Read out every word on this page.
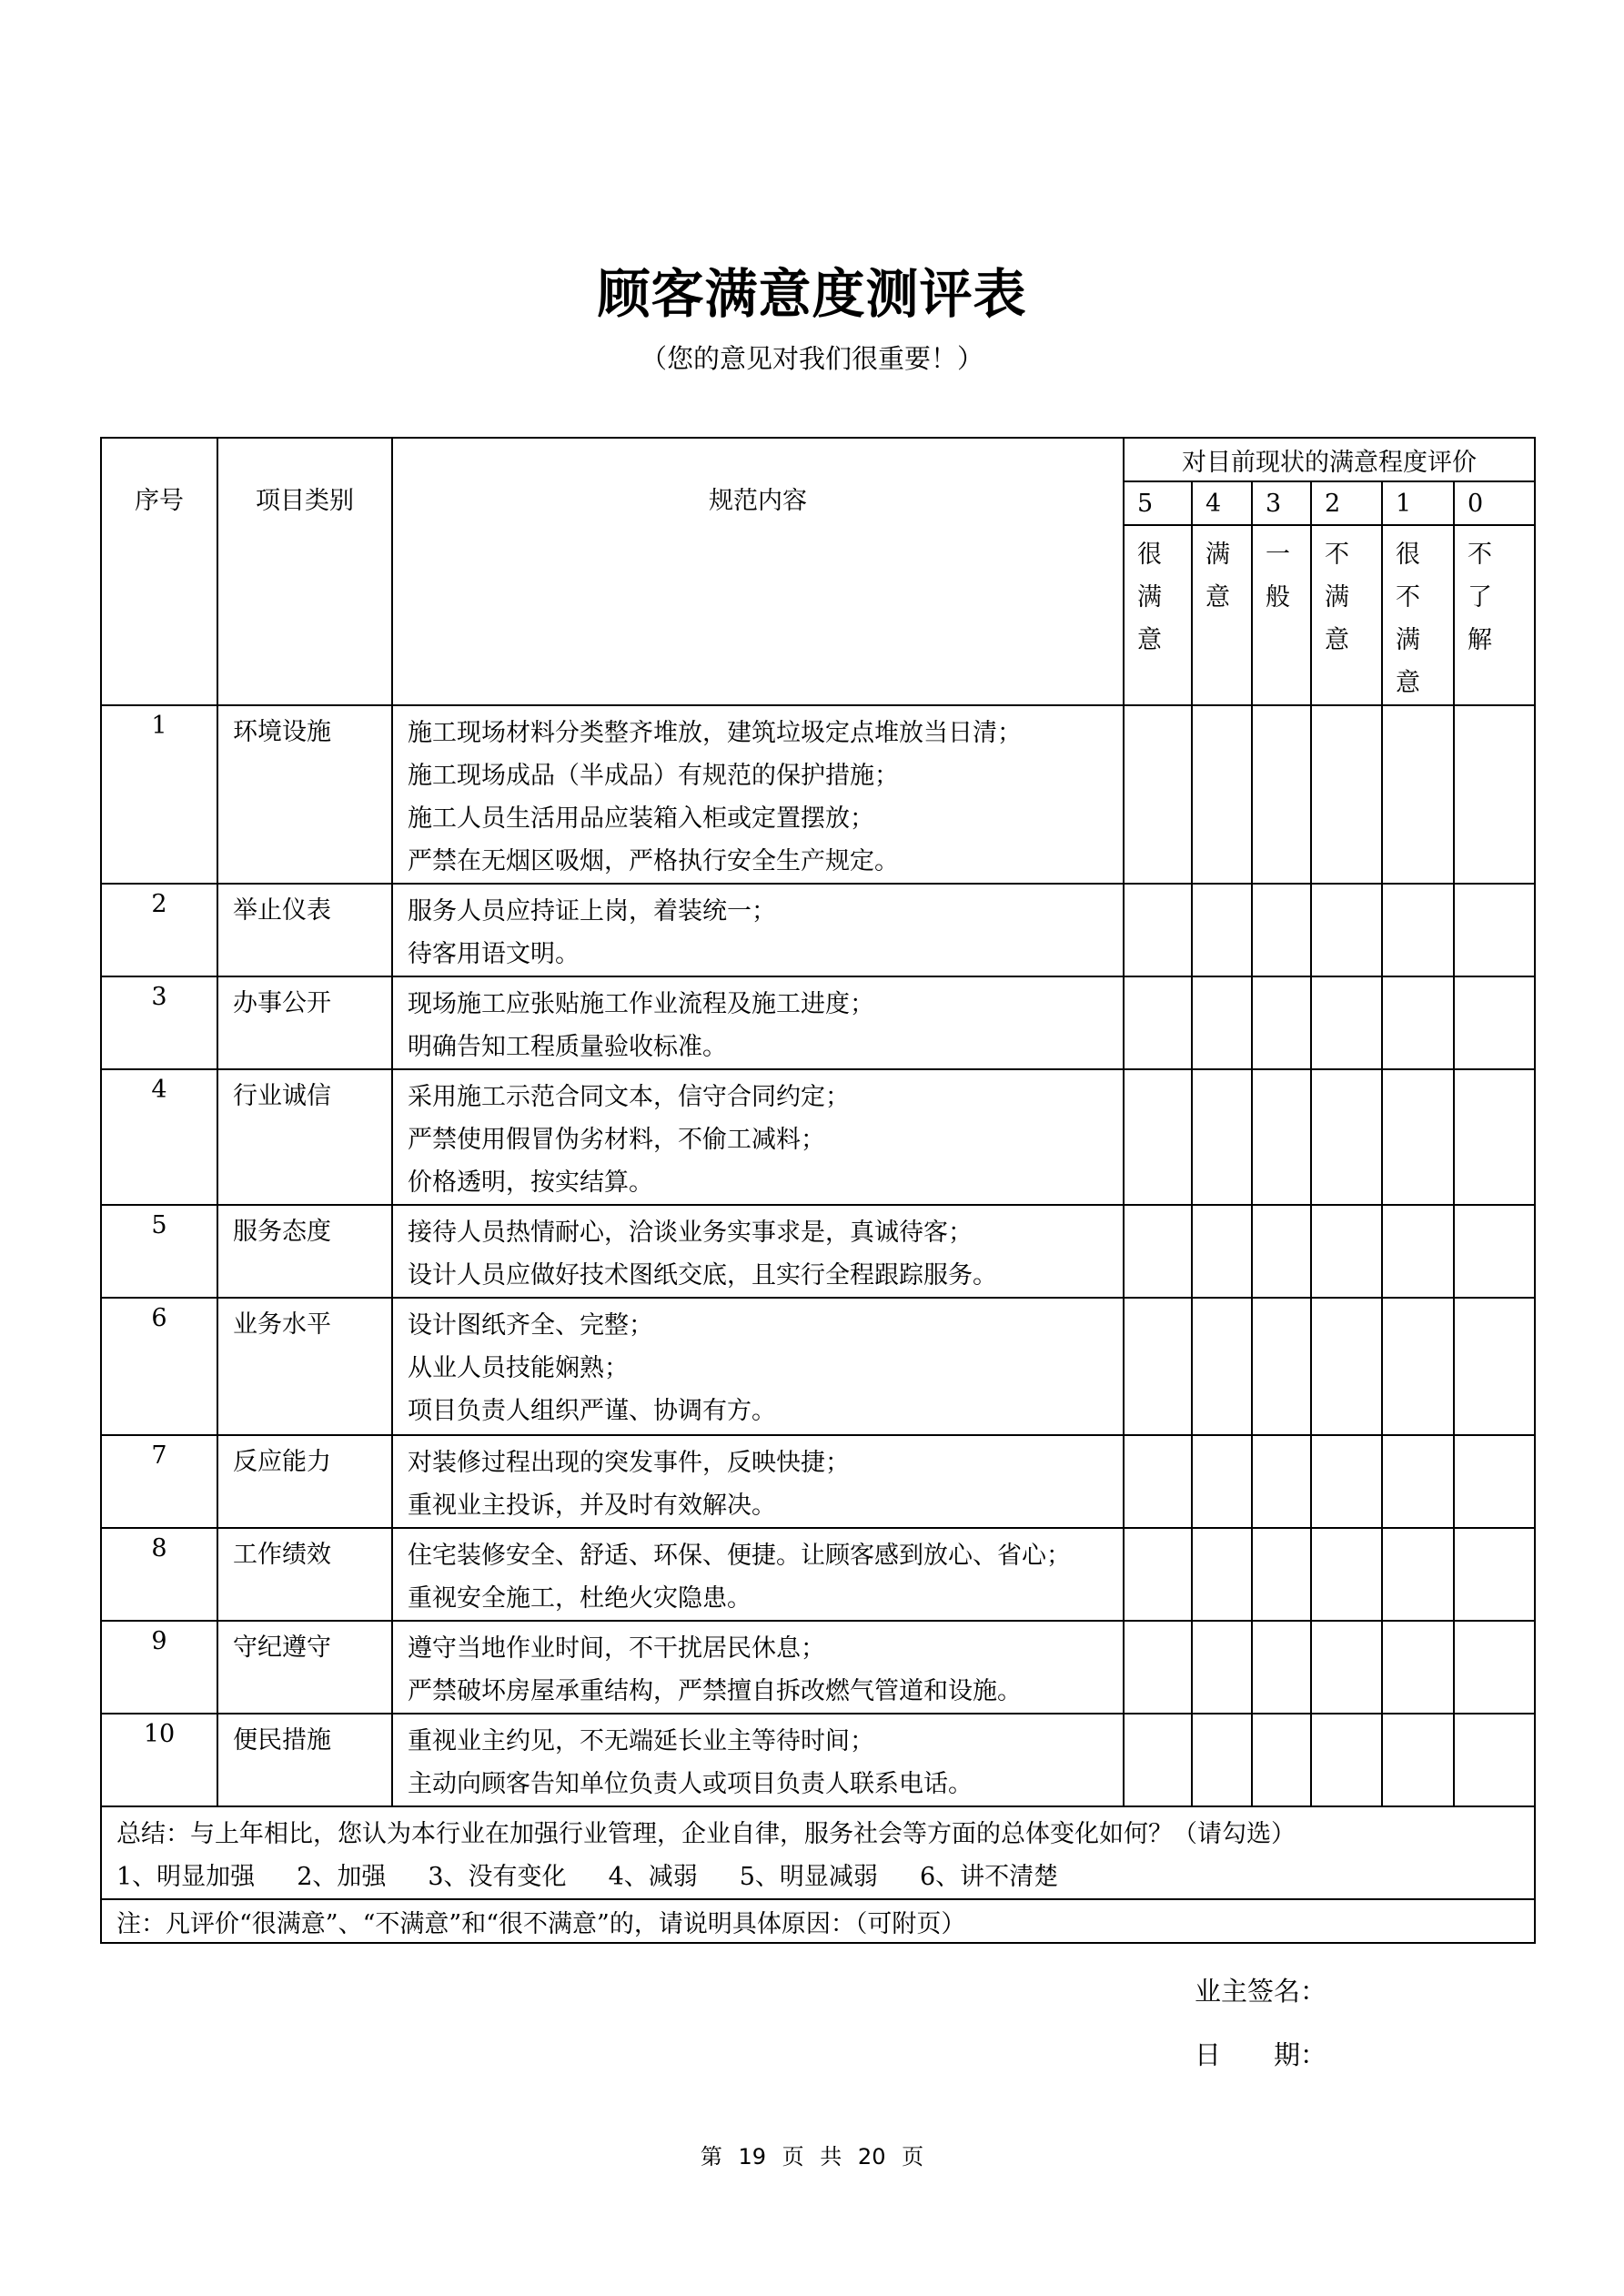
顾客满意度测评表
（您的意见对我们很重要！）
序号	项目类别	规范内容	对目前现状的满意程度评价					
			5	4	3	2	1	0

			很满意	满意	一般	不满意	很不满意	不了解

1	环境设施	施工现场材料分类整齐堆放，建筑垃圾定点堆放当日清；
施工现场成品（半成品）有规范的保护措施；
施工人员生活用品应装箱入柜或定置摆放；
严禁在无烟区吸烟，严格执行安全生产规定。						

2	举止仪表	服务人员应持证上岗，着装统一；
待客用语文明。						

3	办事公开	现场施工应张贴施工作业流程及施工进度；
明确告知工程质量验收标准。						

4	行业诚信	采用施工示范合同文本，信守合同约定；
严禁使用假冒伪劣材料，不偷工减料；
价格透明，按实结算。						

5	服务态度	接待人员热情耐心，洽谈业务实事求是，真诚待客；
设计人员应做好技术图纸交底，且实行全程跟踪服务。						

6	业务水平	设计图纸齐全、完整；
从业人员技能娴熟；
项目负责人组织严谨、协调有方。						

7	反应能力	对装修过程出现的突发事件，反映快捷；
重视业主投诉，并及时有效解决。						

8	工作绩效	住宅装修安全、舒适、环保、便捷。让顾客感到放心、省心；
重视安全施工，杜绝火灾隐患。						

9	守纪遵守	遵守当地作业时间，不干扰居民休息；
严禁破坏房屋承重结构，严禁擅自拆改燃气管道和设施。						

10	便民措施	重视业主约见，不无端延长业主等待时间；
主动向顾客告知单位负责人或项目负责人联系电话。						

总结：与上年相比，您认为本行业在加强行业管理，企业自律，服务社会等方面的总体变化如何？（请勾选）
1、明显加强 2、加强 3、没有变化 4、减弱 5、明显减弱 6、讲不清楚								

注：凡评价“很满意”、“不满意”和“很不满意”的，请说明具体原因：（可附页）								
业主签名：
日 期：
第 19 页 共 20 页
